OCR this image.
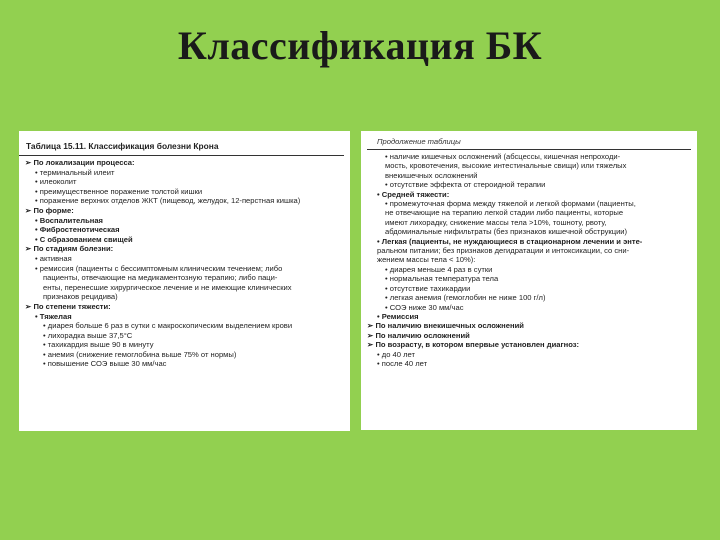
Классификация БК
Таблица 15.11. Классификация болезни Крона
➢ По локализации процесса:
• терминальный илеит
• илеоколит
• преимущественное поражение толстой кишки
• поражение верхних отделов ЖКТ (пищевод, желудок, 12-перстная кишка)
➢ По форме:
• Воспалительная
• Фибростенотическая
• С образованием свищей
➢ По стадиям болезни:
• активная
• ремиссия (пациенты с бессимптомным клиническим течением; либо
пациенты, отвечающие на медикаментозную терапию; либо паци-
енты, перенесшие хирургическое лечение и не имеющие клинических
признаков рецидива)
➢ По степени тяжести:
• Тяжелая
• диарея больше 6 раз в сутки с макроскопическим выделением крови
• лихорадка выше 37,5°С
• тахикардия выше 90 в минуту
• анемия (снижение гемоглобина выше 75% от нормы)
• повышение СОЭ выше 30 мм/час
Продолжение таблицы
• наличие кишечных осложнений (абсцессы, кишечная непроходи-
мость, кровотечения, высокие интестинальные свищи) или тяжелых
внекишечных осложнений
• отсутствие эффекта от стероидной терапии
• Средней тяжести:
• промежуточная форма между тяжелой и легкой формами (пациенты,
не отвечающие на терапию легкой стадии либо пациенты, которые
имеют лихорадку, снижение массы тела >10%, тошноту, рвоту,
абдоминальные нифильтраты (без признаков кишечной обструкции)
• Легкая (пациенты, не нуждающиеся в стационарном лечении и энте-
ральном питании; без признаков дегидратации и интоксикации, со сни-
жением массы тела < 10%):
• диарея меньше 4 раз в сутки
• нормальная температура тела
• отсутствие тахикардии
• легкая анемия (гемоглобин не ниже 100 г/л)
• СОЭ ниже 30 мм/час
• Ремиссия
➢ По наличию внекишечных осложнений
➢ По наличию осложнений
➢ По возрасту, в котором впервые установлен диагноз:
• до 40 лет
• после 40 лет
